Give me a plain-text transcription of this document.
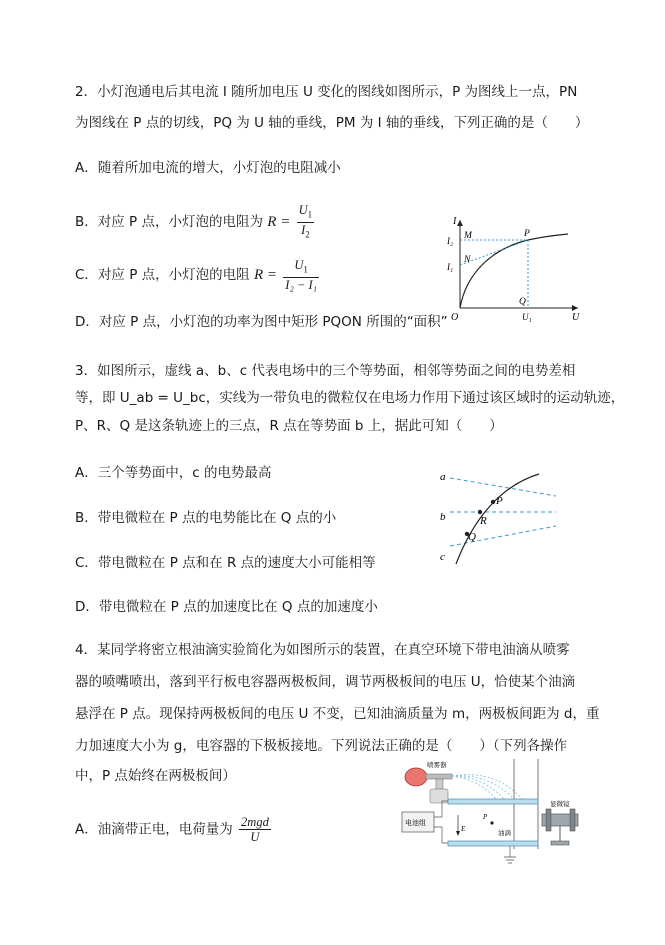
2．小灯泡通电后其电流 I 随所加电压 U 变化的图线如图所示，P 为图线上一点，PN
为图线在 P 点的切线，PQ 为 U 轴的垂线，PM 为 I 轴的垂线，下列正确的是（　　）
A．随着所加电流的增大，小灯泡的电阻减小
B．对应 P 点，小灯泡的电阻为 $R = \frac{U_1}{I_2}$
C．对应 P 点，小灯泡的电阻 $R = \frac{U_1}{\text{I₂ − I₁}}$
D．对应 P 点，小灯泡的功率为图中矩形 PQON 所围的“面积”
I
U
O
M
N
P
Q
I₂
I₁
U₁
3．如图所示，虚线 a、b、c 代表电场中的三个等势面，相邻等势面之间的电势差相
等，即 U_ab = U_bc，实线为一带负电的微粒仅在电场力作用下通过该区域时的运动轨迹，
P、R、Q 是这条轨迹上的三点，R 点在等势面 b 上，据此可知（　　）
A．三个等势面中，c 的电势最高
B．带电微粒在 P 点的电势能比在 Q 点的小
C．带电微粒在 P 点和在 R 点的速度大小可能相等
D．带电微粒在 P 点的加速度比在 Q 点的加速度小
a
b
c
P
R
Q
4．某同学将密立根油滴实验简化为如图所示的装置，在真空环境下带电油滴从喷雾
器的喷嘴喷出，落到平行板电容器两极板间，调节两极板间的电压 U，恰使某个油滴
悬浮在 P 点。现保持两极板间的电压 U 不变，已知油滴质量为 m，两极板间距为 d，重
力加速度大小为 g，电容器的下极板接地。下列说法正确的是（　　）（下列各操作
中，P 点始终在两极板间）
A．油滴带正电，电荷量为 $\frac{\text{2mgd}}{U}$
喷雾器
电池组
E
P
油滴
显微镜
